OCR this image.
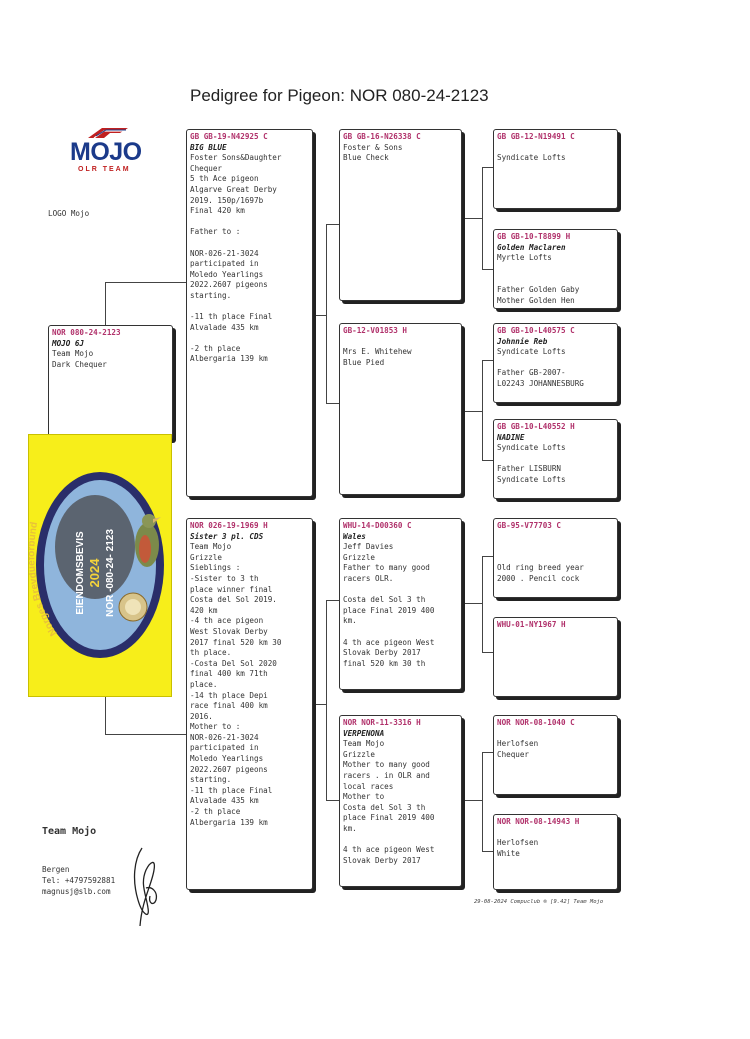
Pedigree for Pigeon: NOR 080-24-2123
MOJO
OLR TEAM
LOGO Mojo
NOR 080-24-2123
MOJO 6J
Team Mojo
Dark Chequer
GB GB-19-N42925 C
BIG BLUE
Foster Sons&Daughter
Chequer
5 th Ace pigeon
Algarve Great Derby
2019. 150p/1697b
Final 420 km
Father to :
NOR-026-21-3024
participated in
Moledo Yearlings
2022.2607 pigeons
starting.
-11 th place Final
Alvalade 435 km
-2 th place
Albergaria 139 km
NOR 026-19-1969 H
Sister 3 pl. CDS
Team Mojo
Grizzle
Sieblings :
-Sister to 3 th
place winner final
Costa del Sol 2019.
420 km
-4 th ace pigeon
West Slovak Derby
2017 final 520 km 30
th place.
-Costa Del Sol 2020
final 400 km 71th
place.
-14 th place Depi
race final 400 km
2016.
Mother to :
NOR-026-21-3024
participated in
Moledo Yearlings
2022.2607 pigeons
starting.
-11 th place Final
Alvalade 435 km
-2 th place
Albergaria 139 km
GB GB-16-N26338 C
Foster & Sons
Blue Check
GB-12-V01853 H
Mrs E. Whitehew
Blue Pied
WHU-14-D00360 C
Wales
Jeff Davies
Grizzle
Father to many good
racers OLR.
Costa del Sol 3 th
place Final 2019 400
km.
4 th ace pigeon West
Slovak Derby 2017
final 520 km 30 th
NOR NOR-11-3316 H
VERPENONA
Team Mojo
Grizzle
Mother to many good
racers . in OLR and
local races
Mother to
Costa del Sol 3 th
place Final 2019 400
km.
4 th ace pigeon West
Slovak Derby 2017
GB GB-12-N19491 C
Syndicate Lofts
GB GB-10-T8899 H
Golden Maclaren
Myrtle Lofts
Father Golden Gaby
Mother Golden Hen
GB GB-10-L40575 C
Johnnie Reb
Syndicate Lofts
Father GB-2007-
L02243 JOHANNESBURG
GB GB-10-L40552 H
NADINE
Syndicate Lofts
Father LISBURN
Syndicate Lofts
GB-95-V77703 C
Old ring breed year
2000 . Pencil cock
WHU-01-NY1967 H
NOR NOR-08-1040 C
Herlofsen
Chequer
NOR NOR-08-14943 H
Herlofsen
White
Norges Brev d
EIENDOMSBEVIS 2024 NOR -080-24- 2123
Team Mojo
Bergen
Tel: +4797592881
magnusj@slb.com
29-08-2024 Compuclub ® [9.42] Team Mojo
